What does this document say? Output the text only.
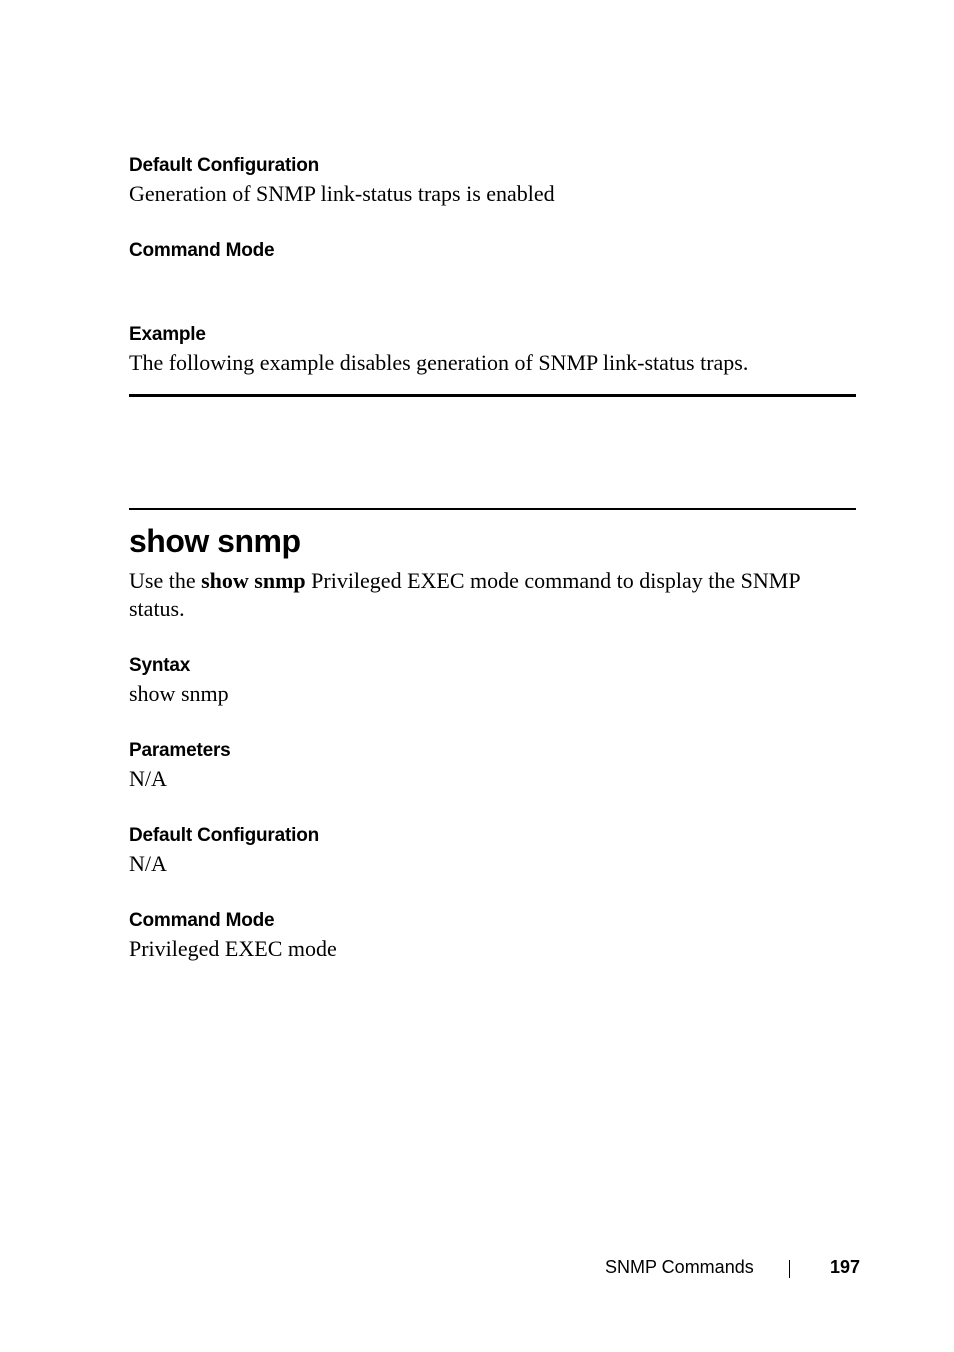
Default Configuration
Generation of SNMP link-status traps is enabled
Command Mode
Example
The following example disables generation of SNMP link-status traps.
show snmp
Use the show snmp Privileged EXEC mode command to display the SNMP
status.
Syntax
show snmp
Parameters
N/A
Default Configuration
N/A
Command Mode
Privileged EXEC mode
SNMP Commands	197
